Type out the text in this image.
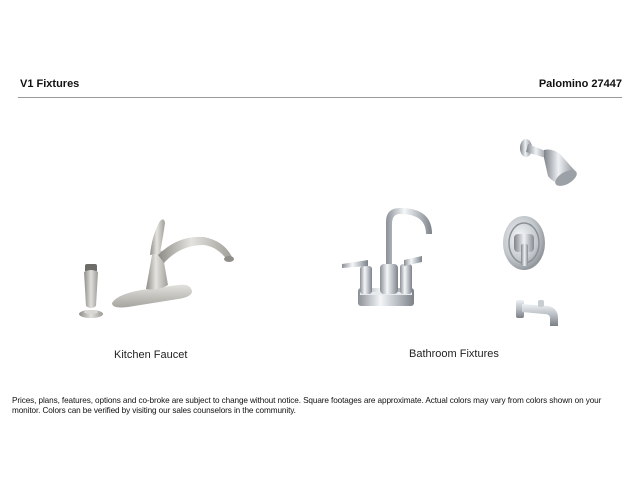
V1 Fixtures	Palomino 27447
Kitchen Faucet	Bathroom Fixtures
Prices, plans, features, options and co-broke are subject to change without notice. Square footages are approximate. Actual colors may vary from colors shown on your monitor. Colors can be verified by visiting our sales counselors in the community.
